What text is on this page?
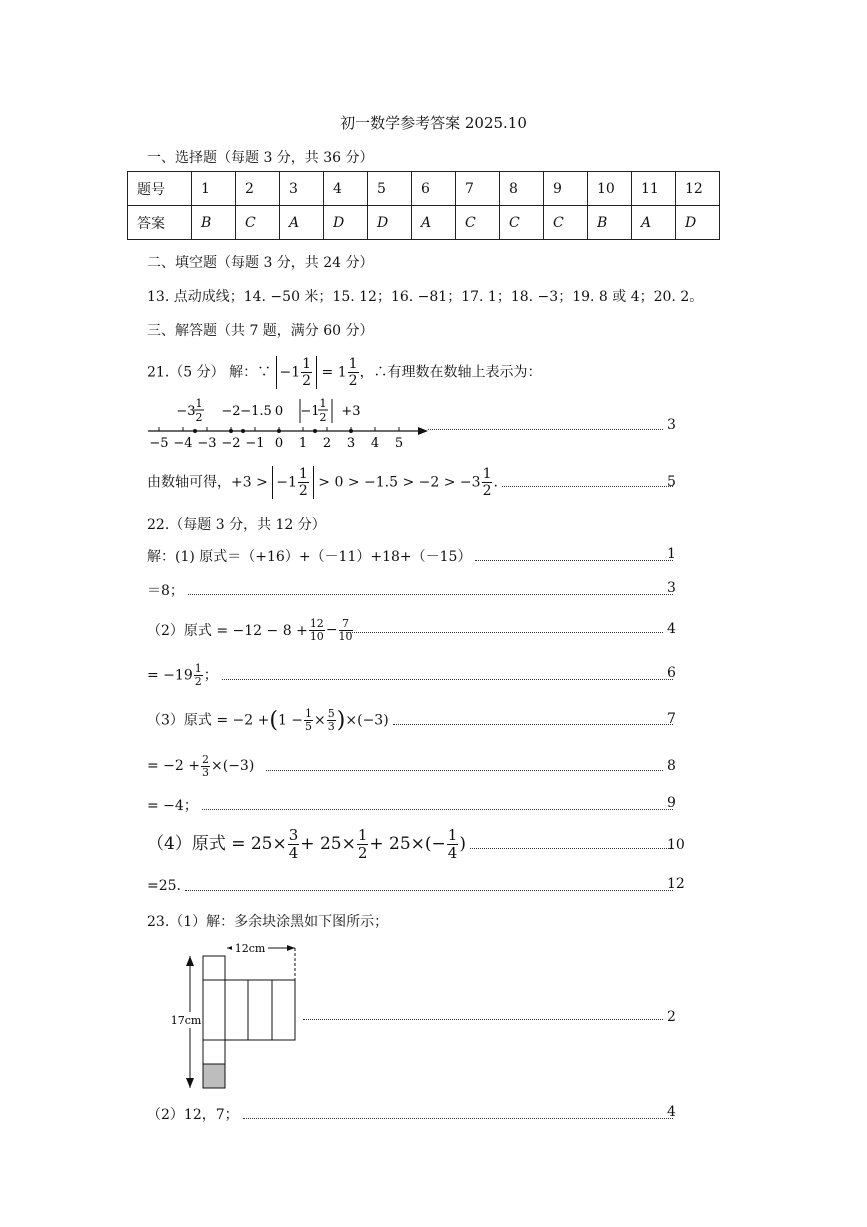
初一数学参考答案 2025.10
一、选择题（每题 3 分，共 36 分）
题号	1	2	3	4	5	6	7	8	9	10	11	12
答案	B	C	A	D	D	A	C	C	C	B	A	D
二、填空题（每题 3 分，共 24 分）
13. 点动成线；14. −50 米；15. 12；16. −81；17. 1；18. −3；19. 8 或 4；20. 2。
三、解答题（共 7 题，满分 60 分）
21.（5 分） 解：∵ $-1 \frac{1}{2} = 1 \frac{1}{2}$ ，∴有理数在数轴上表示为：
−5 −4 −3 −2 −1 0 1 2 3 4 5
−3
1
2 −2 −1.5 0 −1
1
2 +3
3
由数轴可得，$+3 > -1 \frac{1}{2} > 0 > -1.5 > -2 > -3 \frac{1}{2}$ .	5
22.（每题 3 分，共 12 分）
解：(1) 原式＝（+16）+（－11）+18+（－15）	1
＝8；	3
（2）原式 = $-12 - 8 + \frac{12}{10} - \frac{7}{10}$	4
= $-19 \frac{1}{2}$ ；	6
（3）原式 = $-2 +(1 - \frac{1}{5} \times \frac{5}{3} )\times(-3)$	7
= $-2 + \frac{2}{3} \times(-3)$	8
= −4；	9
（4）原式 = $25\times \frac{3}{4} + 25\times \frac{1}{2} + 25\times(- \frac{1}{4}$ )	10
=25.	12
23.（1）解：多余块涂黑如下图所示；
17cm
12cm
2
（2）12，7；	4
